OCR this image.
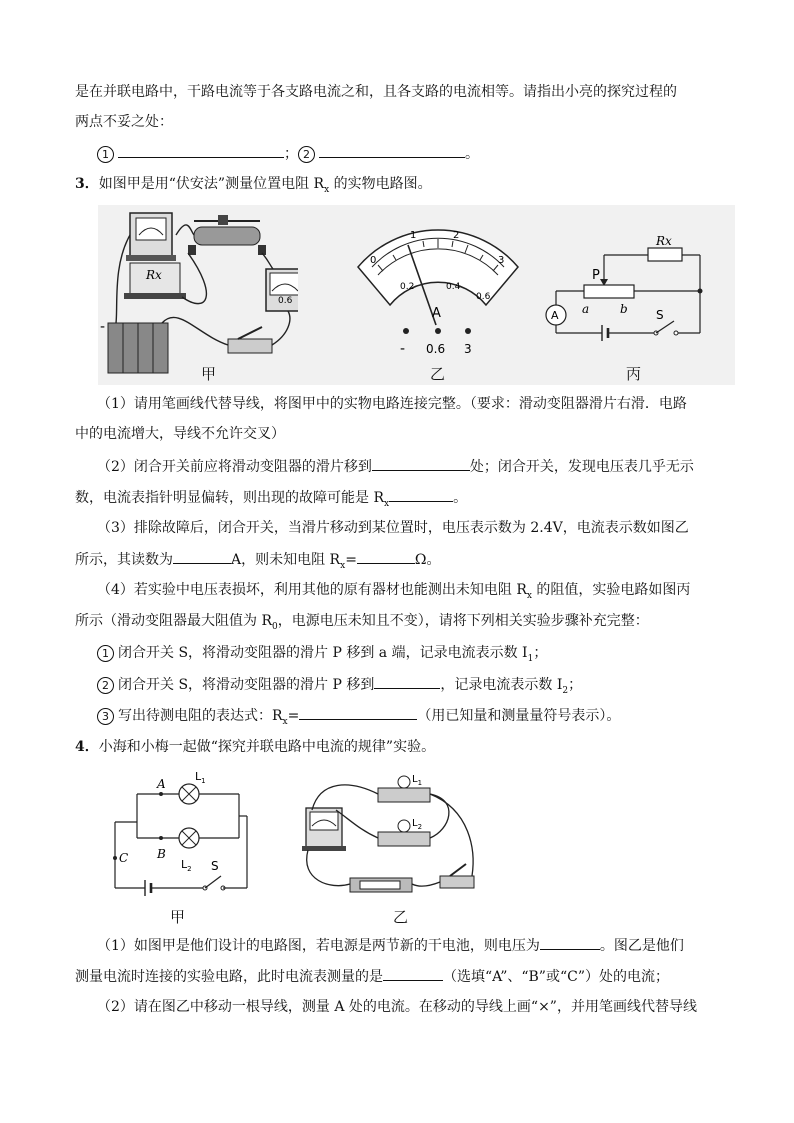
是在并联电路中，干路电流等于各支路电流之和，且各支路的电流相等。请指出小亮的探究过程的
两点不妥之处：
1	； 2	。
3．如图甲是用“伏安法”测量位置电阻 $R_x$ 的实物电路图。
Rx
0.6
-
甲
0
1	2
3
0.2	0.4
0.6
A
- 0.6 3
乙
Rx
P
a	b
A	S
丙
（1）请用笔画线代替导线，将图甲中的实物电路连接完整。（要求：滑动变阻器滑片右滑．电路
中的电流增大，导线不允许交叉）
（2）闭合开关前应将滑动变阻器的滑片移到	处；闭合开关，发现电压表几乎无示
数，电流表指针明显偏转，则出现的故障可能是 $R_x$	。
（3）排除故障后，闭合开关，当滑片移动到某位置时，电压表示数为 2.4V，电流表示数如图乙
所示，其读数为	A，则未知电阻 $R_x=$	Ω。
（4）若实验中电压表损坏，利用其他的原有器材也能测出未知电阻 $R_x$ 的阻值，实验电路如图丙
所示（滑动变阻器最大阻值为 $R_0$，电源电压未知且不变），请将下列相关实验步骤补充完整：
1 闭合开关 S，将滑动变阻器的滑片 P 移到 a 端，记录电流表示数 $I_1$；
2 闭合开关 S，将滑动变阻器的滑片 P 移到	，记录电流表示数 $I_2$；
3 写出待测电阻的表达式：$R_x=$	（用已知量和测量量符号表示）。
4．小海和小梅一起做“探究并联电路中电流的规律”实验。
A
B
C
$L_1$
$L_2$ S
甲
$L_1$
$L_2$
乙
（1）如图甲是他们设计的电路图，若电源是两节新的干电池，则电压为	。图乙是他们
测量电流时连接的实验电路，此时电流表测量的是	（选填“A”、“B”或“C”）处的电流；
（2）请在图乙中移动一根导线，测量 A 处的电流。在移动的导线上画“×”，并用笔画线代替导线
